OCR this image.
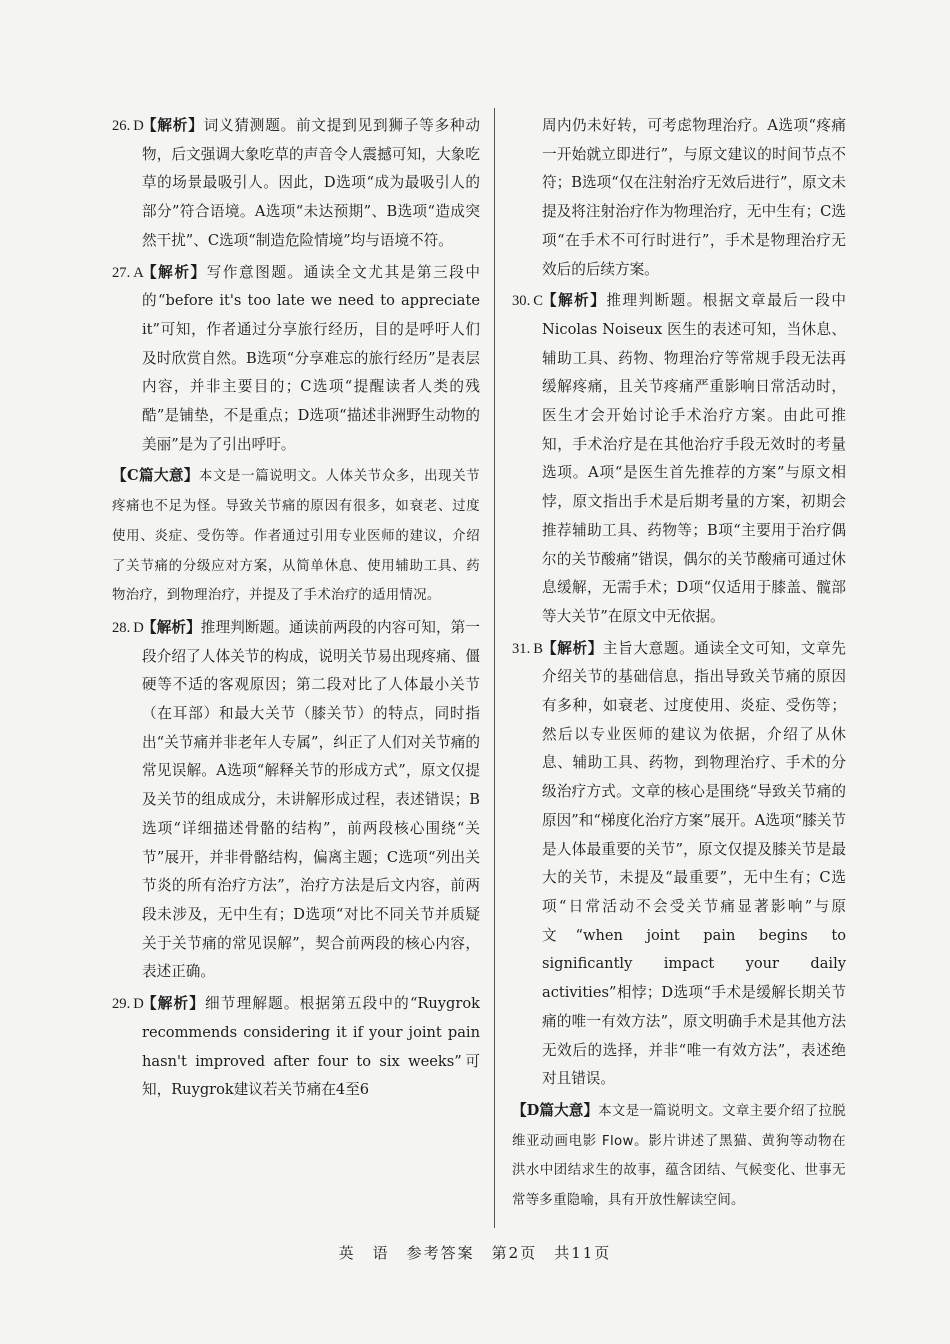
26. D
【解析】词义猜测题。前文提到见到狮子等多种动物，后文强调大象吃草的声音令人震撼可知，大象吃草的场景最吸引人。因此，D选项“成为最吸引人的部分”符合语境。A选项“未达预期”、B选项“造成突然干扰”、C选项“制造危险情境”均与语境不符。
27. A
【解析】写作意图题。通读全文尤其是第三段中的“before it's too late we need to appreciate it”可知，作者通过分享旅行经历，目的是呼吁人们及时欣赏自然。B选项“分享难忘的旅行经历”是表层内容，并非主要目的；C选项“提醒读者人类的残酷”是铺垫，不是重点；D选项“描述非洲野生动物的美丽”是为了引出呼吁。
【C篇大意】本文是一篇说明文。人体关节众多，出现关节疼痛也不足为怪。导致关节痛的原因有很多，如衰老、过度使用、炎症、受伤等。作者通过引用专业医师的建议，介绍了关节痛的分级应对方案，从简单休息、使用辅助工具、药物治疗，到物理治疗，并提及了手术治疗的适用情况。
28. D
【解析】推理判断题。通读前两段的内容可知，第一段介绍了人体关节的构成，说明关节易出现疼痛、僵硬等不适的客观原因；第二段对比了人体最小关节（在耳部）和最大关节（膝关节）的特点，同时指出“关节痛并非老年人专属”，纠正了人们对关节痛的常见误解。A选项“解释关节的形成方式”，原文仅提及关节的组成成分，未讲解形成过程，表述错误；B选项“详细描述骨骼的结构”，前两段核心围绕“关节”展开，并非骨骼结构，偏离主题；C选项“列出关节炎的所有治疗方法”，治疗方法是后文内容，前两段未涉及，无中生有；D选项“对比不同关节并质疑关于关节痛的常见误解”，契合前两段的核心内容，表述正确。
29. D
【解析】细节理解题。根据第五段中的“Ruygrok recommends considering it if your joint pain hasn't improved after four to six weeks”可知，Ruygrok建议若关节痛在4至6
周内仍未好转，可考虑物理治疗。A选项“疼痛一开始就立即进行”，与原文建议的时间节点不符；B选项“仅在注射治疗无效后进行”，原文未提及将注射治疗作为物理治疗，无中生有；C选项“在手术不可行时进行”，手术是物理治疗无效后的后续方案。
30. C 【解析】推理判断题。根据文章最后一段中 Nicolas Noiseux 医生的表述可知，当休息、辅助工具、药物、物理治疗等常规手段无法再缓解疼痛，且关节疼痛严重影响日常活动时，医生才会开始讨论手术治疗方案。由此可推知，手术治疗是在其他治疗手段无效时的考量选项。A项“是医生首先推荐的方案”与原文相悖，原文指出手术是后期考量的方案，初期会推荐辅助工具、药物等；B项“主要用于治疗偶尔的关节酸痛”错误，偶尔的关节酸痛可通过休息缓解，无需手术；D项“仅适用于膝盖、髋部等大关节”在原文中无依据。
31. B 【解析】主旨大意题。通读全文可知，文章先介绍关节的基础信息，指出导致关节痛的原因有多种，如衰老、过度使用、炎症、受伤等；然后以专业医师的建议为依据，介绍了从休息、辅助工具、药物，到物理治疗、手术的分级治疗方式。文章的核心是围绕“导致关节痛的原因”和“梯度化治疗方案”展开。A选项“膝关节是人体最重要的关节”，原文仅提及膝关节是最大的关节，未提及“最重要”，无中生有；C选项“日常活动不会受关节痛显著影响”与原文“when joint pain begins to significantly impact your daily activities”相悖；D选项“手术是缓解长期关节痛的唯一有效方法”，原文明确手术是其他方法无效后的选择，并非“唯一有效方法”，表述绝对且错误。
【D篇大意】本文是一篇说明文。文章主要介绍了拉脱维亚动画电影 Flow。影片讲述了黑猫、黄狗等动物在洪水中团结求生的故事，蕴含团结、气候变化、世事无常等多重隐喻，具有开放性解读空间。
英　语　参考答案　第2页　共11页
